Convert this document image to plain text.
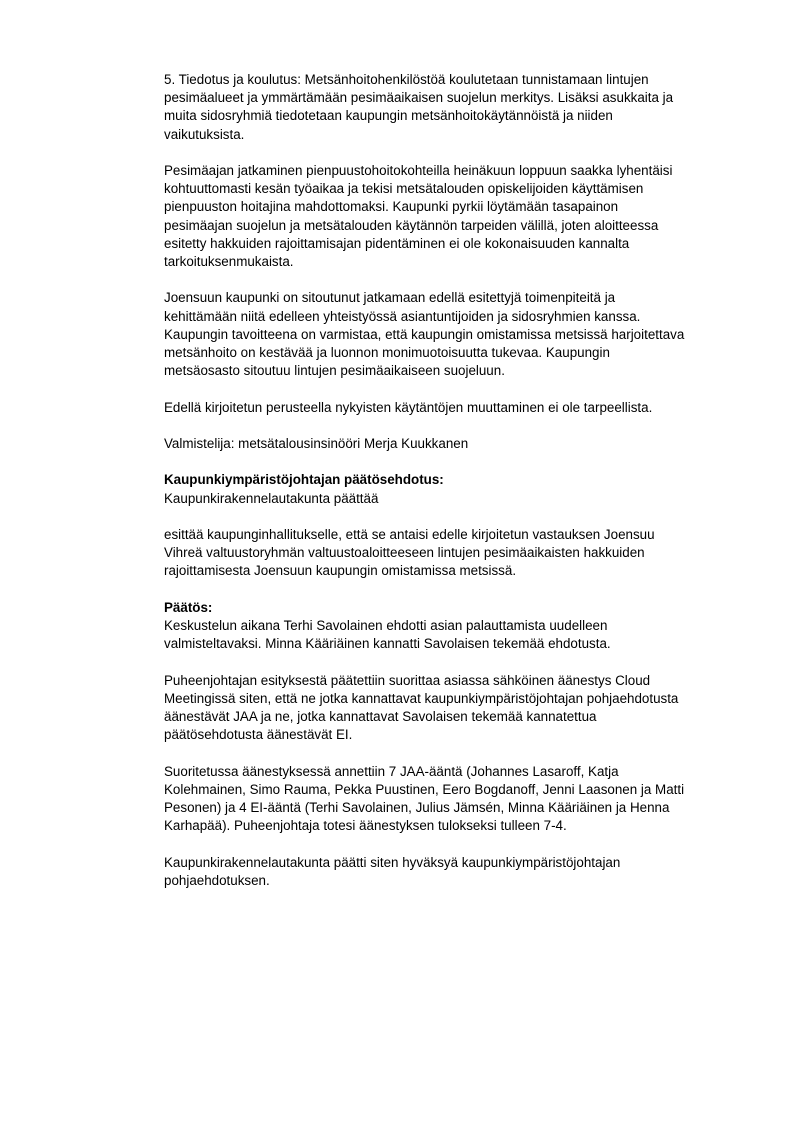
5. Tiedotus ja koulutus: Metsänhoitohenkilöstöä koulutetaan tunnistamaan lintujen
pesimäalueet ja ymmärtämään pesimäaikaisen suojelun merkitys. Lisäksi asukkaita ja
muita sidosryhmiä tiedotetaan kaupungin metsänhoitokäytännöistä ja niiden
vaikutuksista.

Pesimäajan jatkaminen pienpuustohoitokohteilla heinäkuun loppuun saakka lyhentäisi
kohtuuttomasti kesän työaikaa ja tekisi metsätalouden opiskelijoiden käyttämisen
pienpuuston hoitajina mahdottomaksi. Kaupunki pyrkii löytämään tasapainon
pesimäajan suojelun ja metsätalouden käytännön tarpeiden välillä, joten aloitteessa
esitetty hakkuiden rajoittamisajan pidentäminen ei ole kokonaisuuden kannalta
tarkoituksenmukaista.

Joensuun kaupunki on sitoutunut jatkamaan edellä esitettyjä toimenpiteitä ja
kehittämään niitä edelleen yhteistyössä asiantuntijoiden ja sidosryhmien kanssa.
Kaupungin tavoitteena on varmistaa, että kaupungin omistamissa metsissä harjoitettava
metsänhoito on kestävää ja luonnon monimuotoisuutta tukevaa. Kaupungin
metsäosasto sitoutuu lintujen pesimäaikaiseen suojeluun.

Edellä kirjoitetun perusteella nykyisten käytäntöjen muuttaminen ei ole tarpeellista.

Valmistelija: metsätalousinsinööri Merja Kuukkanen

Kaupunkiympäristöjohtajan päätösehdotus:
Kaupunkirakennelautakunta päättää

esittää kaupunginhallitukselle, että se antaisi edelle kirjoitetun vastauksen Joensuu
Vihreä valtuustoryhmän valtuustoaloitteeseen lintujen pesimäaikaisten hakkuiden
rajoittamisesta Joensuun kaupungin omistamissa metsissä.

Päätös:
Keskustelun aikana Terhi Savolainen ehdotti asian palauttamista uudelleen
valmisteltavaksi. Minna Kääriäinen kannatti Savolaisen tekemää ehdotusta.

Puheenjohtajan esityksestä päätettiin suorittaa asiassa sähköinen äänestys Cloud
Meetingissä siten, että ne jotka kannattavat kaupunkiympäristöjohtajan pohjaehdotusta
äänestävät JAA ja ne, jotka kannattavat Savolaisen tekemää kannatettua
päätösehdotusta äänestävät EI.

Suoritetussa äänestyksessä annettiin 7 JAA-ääntä (Johannes Lasaroff, Katja
Kolehmainen, Simo Rauma, Pekka Puustinen, Eero Bogdanoff, Jenni Laasonen ja Matti
Pesonen) ja 4 EI-ääntä (Terhi Savolainen, Julius Jämsén, Minna Kääriäinen ja Henna
Karhapää). Puheenjohtaja totesi äänestyksen tulokseksi tulleen 7-4.

Kaupunkirakennelautakunta päätti siten hyväksyä kaupunkiympäristöjohtajan
pohjaehdotuksen.
